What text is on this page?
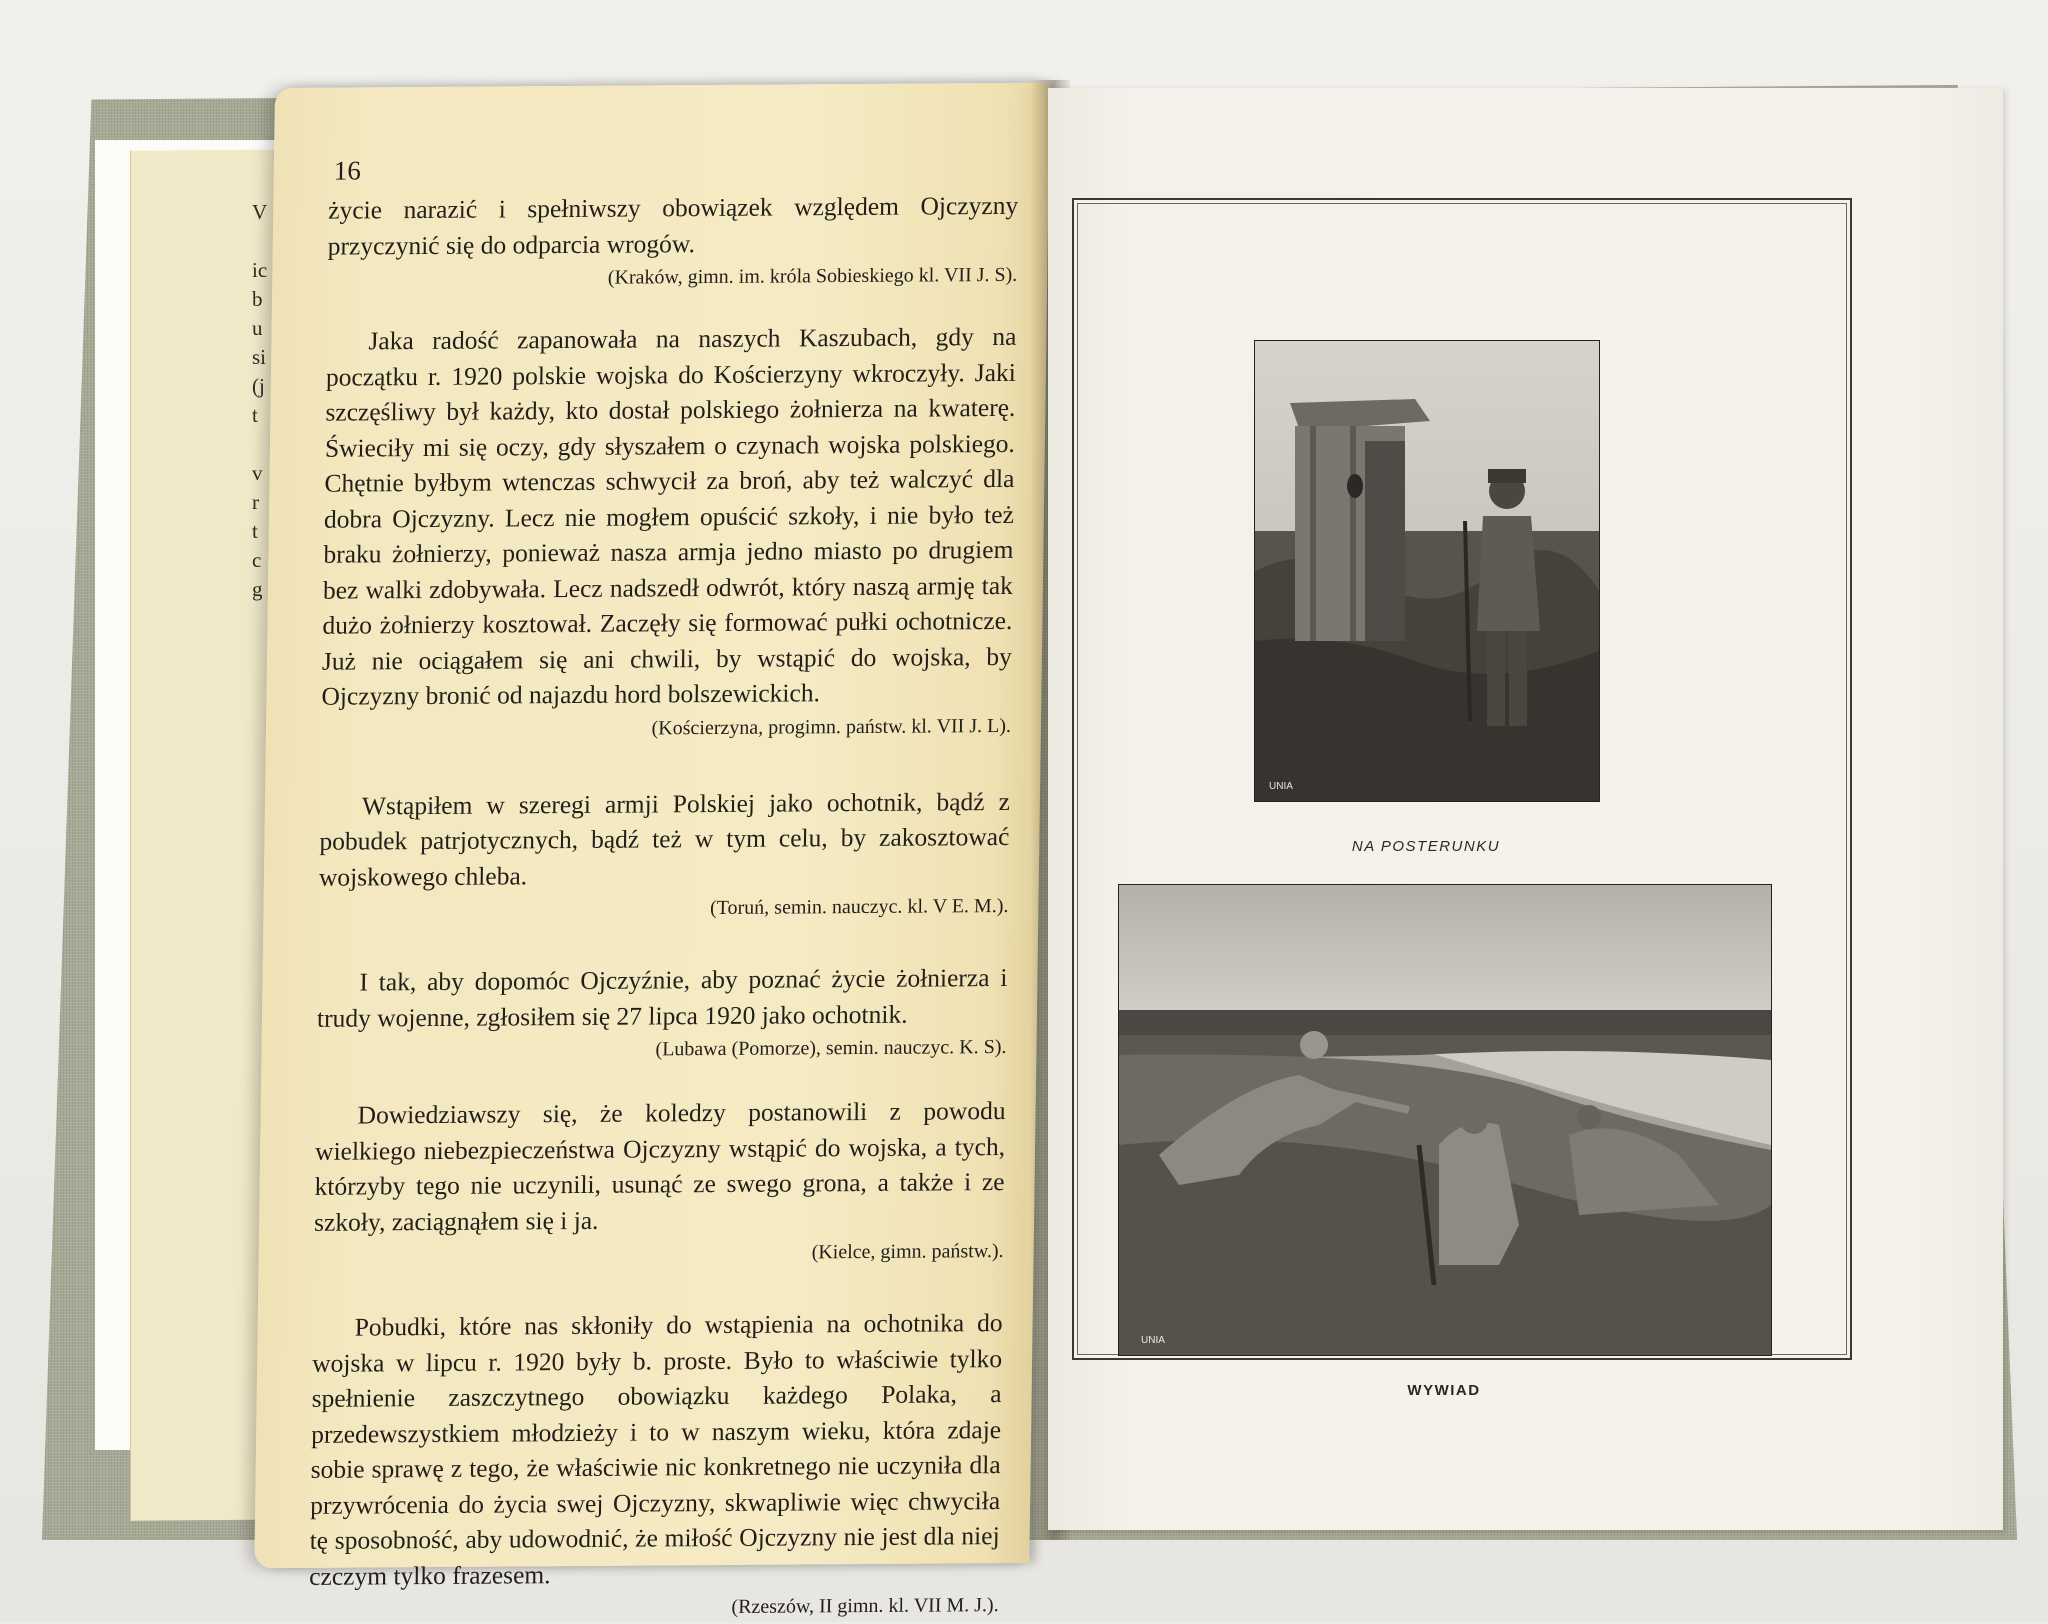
V

ic
b
u
si
(j
t

v
r
t
c
g
16

życie narazić i spełniwszy obowiązek względem Ojczyzny przyczynić się do odparcia wrogów.

(Kraków, gimn. im. króla Sobieskiego kl. VII J. S).

Jaka radość zapanowała na naszych Kaszubach, gdy na początku r. 1920 polskie wojska do Kościerzyny wkroczyły. Jaki szczęśliwy był każdy, kto dostał polskiego żołnierza na kwaterę. Świeciły mi się oczy, gdy słyszałem o czynach wojska polskiego. Chętnie byłbym wtenczas schwycił za broń, aby też walczyć dla dobra Ojczyzny. Lecz nie mogłem opuścić szkoły, i nie było też braku żołnierzy, ponieważ nasza armja jedno miasto po drugiem bez walki zdobywała. Lecz nadszedł odwrót, który naszą armję tak dużo żołnierzy kosztował. Zaczęły się formować pułki ochotnicze. Już nie ociągałem się ani chwili, by wstąpić do wojska, by Ojczyzny bronić od najazdu hord bolszewickich.

(Kościerzyna, progimn. państw. kl. VII J. L).

Wstąpiłem w szeregi armji Polskiej jako ochotnik, bądź z pobudek patrjotycznych, bądź też w tym celu, by zakosztować wojskowego chleba.

(Toruń, semin. nauczyc. kl. V E. M.).

I tak, aby dopomóc Ojczyźnie, aby poznać życie żołnierza i trudy wojenne, zgłosiłem się 27 lipca 1920 jako ochotnik.

(Lubawa (Pomorze), semin. nauczyc. K. S).

Dowiedziawszy się, że koledzy postanowili z powodu wielkiego niebezpieczeństwa Ojczyzny wstąpić do wojska, a tych, którzyby tego nie uczynili, usunąć ze swego grona, a także i ze szkoły, zaciągnąłem się i ja.

(Kielce, gimn. państw.).

Pobudki, które nas skłoniły do wstąpienia na ochotnika do wojska w lipcu r. 1920 były b. proste. Było to właściwie tylko spełnienie zaszczytnego obowiązku każdego Polaka, a przedewszystkiem młodzieży i to w naszym wieku, która zdaje sobie sprawę z tego, że właściwie nic konkretnego nie uczyniła dla przywrócenia do życia swej Ojczyzny, skwapliwie więc chwyciła tę sposobność, aby udowodnić, że miłość Ojczyzny nie jest dla niej czczym tylko frazesem.

(Rzeszów, II gimn. kl. VII M. J.).

UNIA
NA POSTERUNKU
UNIA
WYWIAD
